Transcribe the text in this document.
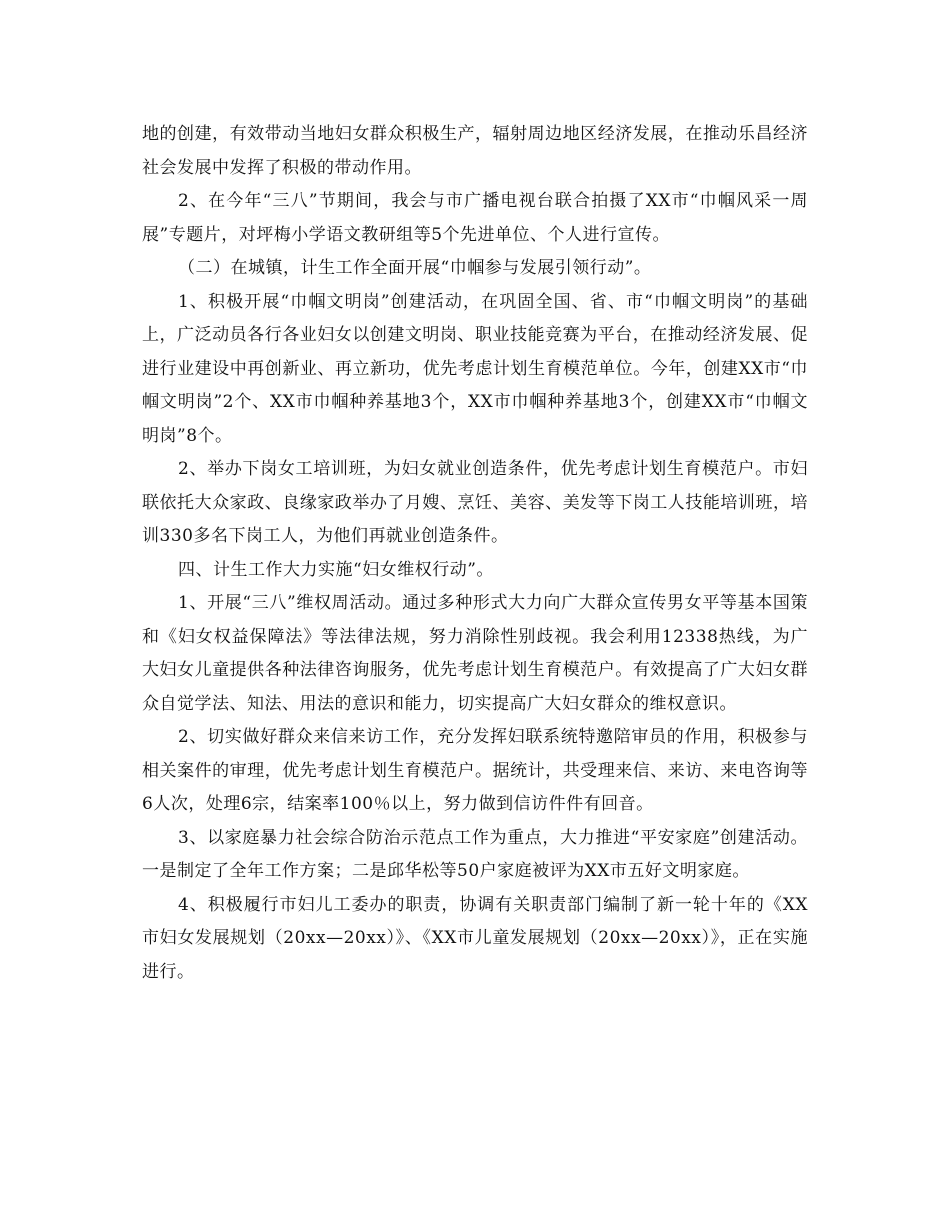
地的创建，有效带动当地妇女群众积极生产，辐射周边地区经济发展，在推动乐昌经济社会发展中发挥了积极的带动作用。

2、在今年“三八”节期间，我会与市广播电视台联合拍摄了XX市“巾帼风采一周展”专题片，对坪梅小学语文教研组等5个先进单位、个人进行宣传。

（二）在城镇，计生工作全面开展“巾帼参与发展引领行动”。

1、积极开展“巾帼文明岗”创建活动，在巩固全国、省、市“巾帼文明岗”的基础上，广泛动员各行各业妇女以创建文明岗、职业技能竞赛为平台，在推动经济发展、促进行业建设中再创新业、再立新功，优先考虑计划生育模范单位。今年，创建XX市“巾帼文明岗”2个、XX市巾帼种养基地3个，XX市巾帼种养基地3个，创建XX市“巾帼文明岗”8个。

2、举办下岗女工培训班，为妇女就业创造条件，优先考虑计划生育模范户。市妇联依托大众家政、良缘家政举办了月嫂、烹饪、美容、美发等下岗工人技能培训班，培训330多名下岗工人，为他们再就业创造条件。

四、计生工作大力实施“妇女维权行动”。

1、开展“三八”维权周活动。通过多种形式大力向广大群众宣传男女平等基本国策和《妇女权益保障法》等法律法规，努力消除性别歧视。我会利用12338热线，为广大妇女儿童提供各种法律咨询服务，优先考虑计划生育模范户。有效提高了广大妇女群众自觉学法、知法、用法的意识和能力，切实提高广大妇女群众的维权意识。

2、切实做好群众来信来访工作，充分发挥妇联系统特邀陪审员的作用，积极参与相关案件的审理，优先考虑计划生育模范户。据统计，共受理来信、来访、来电咨询等6人次，处理6宗，结案率100％以上，努力做到信访件件有回音。

3、以家庭暴力社会综合防治示范点工作为重点，大力推进“平安家庭”创建活动。一是制定了全年工作方案；二是邱华松等50户家庭被评为XX市五好文明家庭。

4、积极履行市妇儿工委办的职责，协调有关职责部门编制了新一轮十年的《XX市妇女发展规划（20xx—20xx）》、《XX市儿童发展规划（20xx—20xx）》，正在实施进行。
